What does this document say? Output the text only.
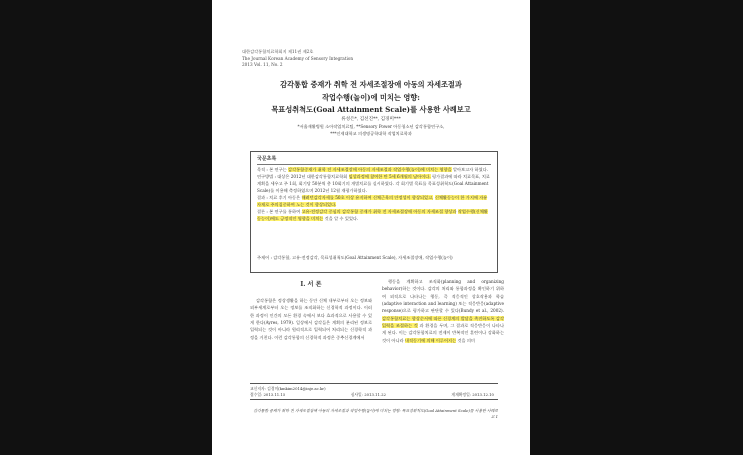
대한감각통합치료학회지 제11권 제2호
The Journal Korean Academy of Sensory Integration
2013 Vol. 11, No. 2
감각통합 중재가 취학 전 자세조절장애 아동의 자세조절과
작업수행(놀이)에 미치는 영향:
목표성취척도(Goal Attainment Scale)를 사용한 사례보고
류성은*, 김선진**, 김경미***
*서울재활병원 소아작업치료팀, **Sensory Power 아동청소년 감각통합연구소,
***인제대학교 의생명공학대학 작업치료학과
국문초록

목적 : 본 연구는 감각통합중재가 취학 전 자세조절장애 아동의 자세조절과 작업수행(놀이)에 미치는 영향을 알아보고자 하였다.

연구방법 : 대상은 2012년 대한감각통합치료학회 임상과정에 참여한 만 5세 6개월의 남아이다. 평가결과에 따라 치료목표, 치료계획을 세우고 주 1회, 회기당 50분씩 총 10회기의 개별치료를 실시하였다. 각 회기별 목표를 목표성취척도(Goal Attainment Scale)를 이용해 측정하였으며 2012년 12월 재평가하였다.

결과 : 치료 후기 아동은 때려던감각자세를 50초 이상 유지하여 신체근육의 안정성이 향상되었고, 신체활동능이 한 가지에 자유자재로 주의집중하여 노는 것이 향상되었다.

결론 : 본 연구를 통하여 고유-전정감각 중심의 감각통합 중재가 취학 전 자세조절장애 아동의 자세조절 향상과 작업수행(신체활동능이)에도 긍정적인 영향을 미치는 것을 알 수 있었다.

주제어 : 감각통합, 고유-전정감각, 목표성취척도(Goal Attainment Scale), 자세조절장애, 작업수행(놀이)
Ⅰ. 서 론

감각통합은 정상생활을 하는 동안 신체 내부로부터 오는 정보와 외부세계로부터 오는 정보를 조직화하는 신경학적 과정이다. 이러한 과정이 인간의 모든 환경 속에서 보다 효과적으로 사용할 수 있게 한다(Ayres, 1979). 일상에서 감각들은 계획의 분리된 정보로 입력되는 것이 아니라 원리적으로 입력되어 처리되는 신경학적 과정을 거친다. 이런 감각통합의 신경학적 과정은 중추신경계에서

행동을 계획하고 조직화(planning and organizing behavior)하는 것이다. 감각의 처리와 통합과정을 확인하기 위하여 외적으로 나타나는 행동, 즉 적응적인 상호작용과 학습(adaptive interaction and learning) 또는 적응반응(adaptive response)으로 평가하고 판단할 수 있다(Bundy et al., 2002). 감각통합치료는 향상순서에 따른 신경계의 발달을 촉진하도록 감각입력을 조절하는 것 과 환경을 두며, 그 결과로 적응반응이 나타나게 된다. 이는 감각통합치료의 전제이 반복적인 훈련이나 강화하는 것이 아니라 내적동기에 의해 이루어지는 것을 의미

교신저자: 김경미(kmkim2014@inje.ac.kr)
접수일: 2013.11.15	심사일: 2013.11.22	게재확정일: 2013.12.10
감각통합 중재가 취학 전 자세조절장애 아동의 자세조절과 작업수행(놀이)에 미치는 영향: 목표성취척도(Goal Attainment Scale)를 사용한 사례보고 1
